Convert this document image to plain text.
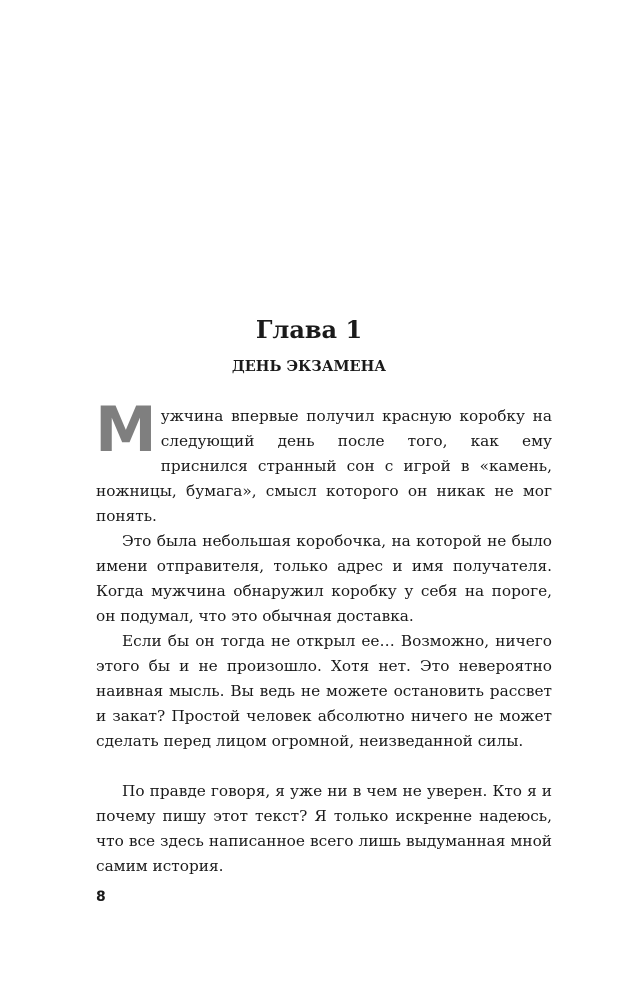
Глава 1
ДЕНЬ ЭКЗАМЕНА

Мужчина впервые получил красную коробку на следующий день после того, как ему приснился странный сон с игрой в «камень, ножницы, бумага», смысл которого он никак не мог понять.

Это была небольшая коробочка, на которой не было имени отправителя, только адрес и имя получателя. Когда мужчина обнаружил коробку у себя на пороге, он подумал, что это обычная доставка.

Если бы он тогда не открыл ее… Возможно, ничего этого бы и не произошло. Хотя нет. Это невероятно наивная мысль. Вы ведь не можете остановить рассвет и закат? Простой человек абсолютно ничего не может сделать перед лицом огромной, неизведанной силы.

По правде говоря, я уже ни в чем не уверен. Кто я и почему пишу этот текст? Я только искренне надеюсь, что все здесь написанное всего лишь выдуманная мной самим история.

8
